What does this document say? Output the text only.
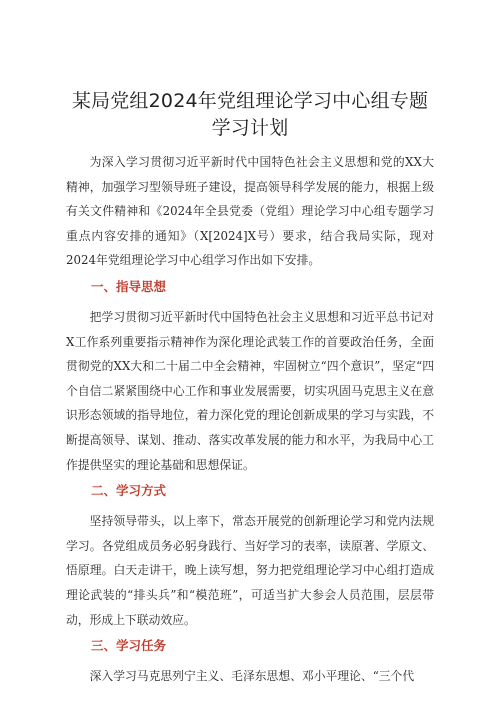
某局党组2024年党组理论学习中心组专题学习计划

为深入学习贯彻习近平新时代中国特色社会主义思想和党的XX大精神，加强学习型领导班子建设，提高领导科学发展的能力，根据上级有关文件精神和《2024年全县党委（党组）理论学习中心组专题学习重点内容安排的通知》（X[2024]X号）要求，结合我局实际，现对2024年党组理论学习中心组学习作出如下安排。

一、指导思想

把学习贯彻习近平新时代中国特色社会主义思想和习近平总书记对X工作系列重要指示精神作为深化理论武装工作的首要政治任务，全面贯彻党的XX大和二十届二中全会精神，牢固树立“四个意识”，坚定“四个自信二紧紧围绕中心工作和事业发展需要，切实巩固马克思主义在意识形态领域的指导地位，着力深化党的理论创新成果的学习与实践，不断提高领导、谋划、推动、落实改革发展的能力和水平，为我局中心工作提供坚实的理论基础和思想保证。

二、学习方式

坚持领导带头，以上率下，常态开展党的创新理论学习和党内法规学习。各党组成员务必躬身践行、当好学习的表率，读原著、学原文、悟原理。白天走讲干，晚上读写想，努力把党组理论学习中心组打造成理论武装的“排头兵”和“模范班”，可适当扩大参会人员范围，层层带动，形成上下联动效应。

三、学习任务

深入学习马克思列宁主义、毛泽东思想、邓小平理论、“三个代
